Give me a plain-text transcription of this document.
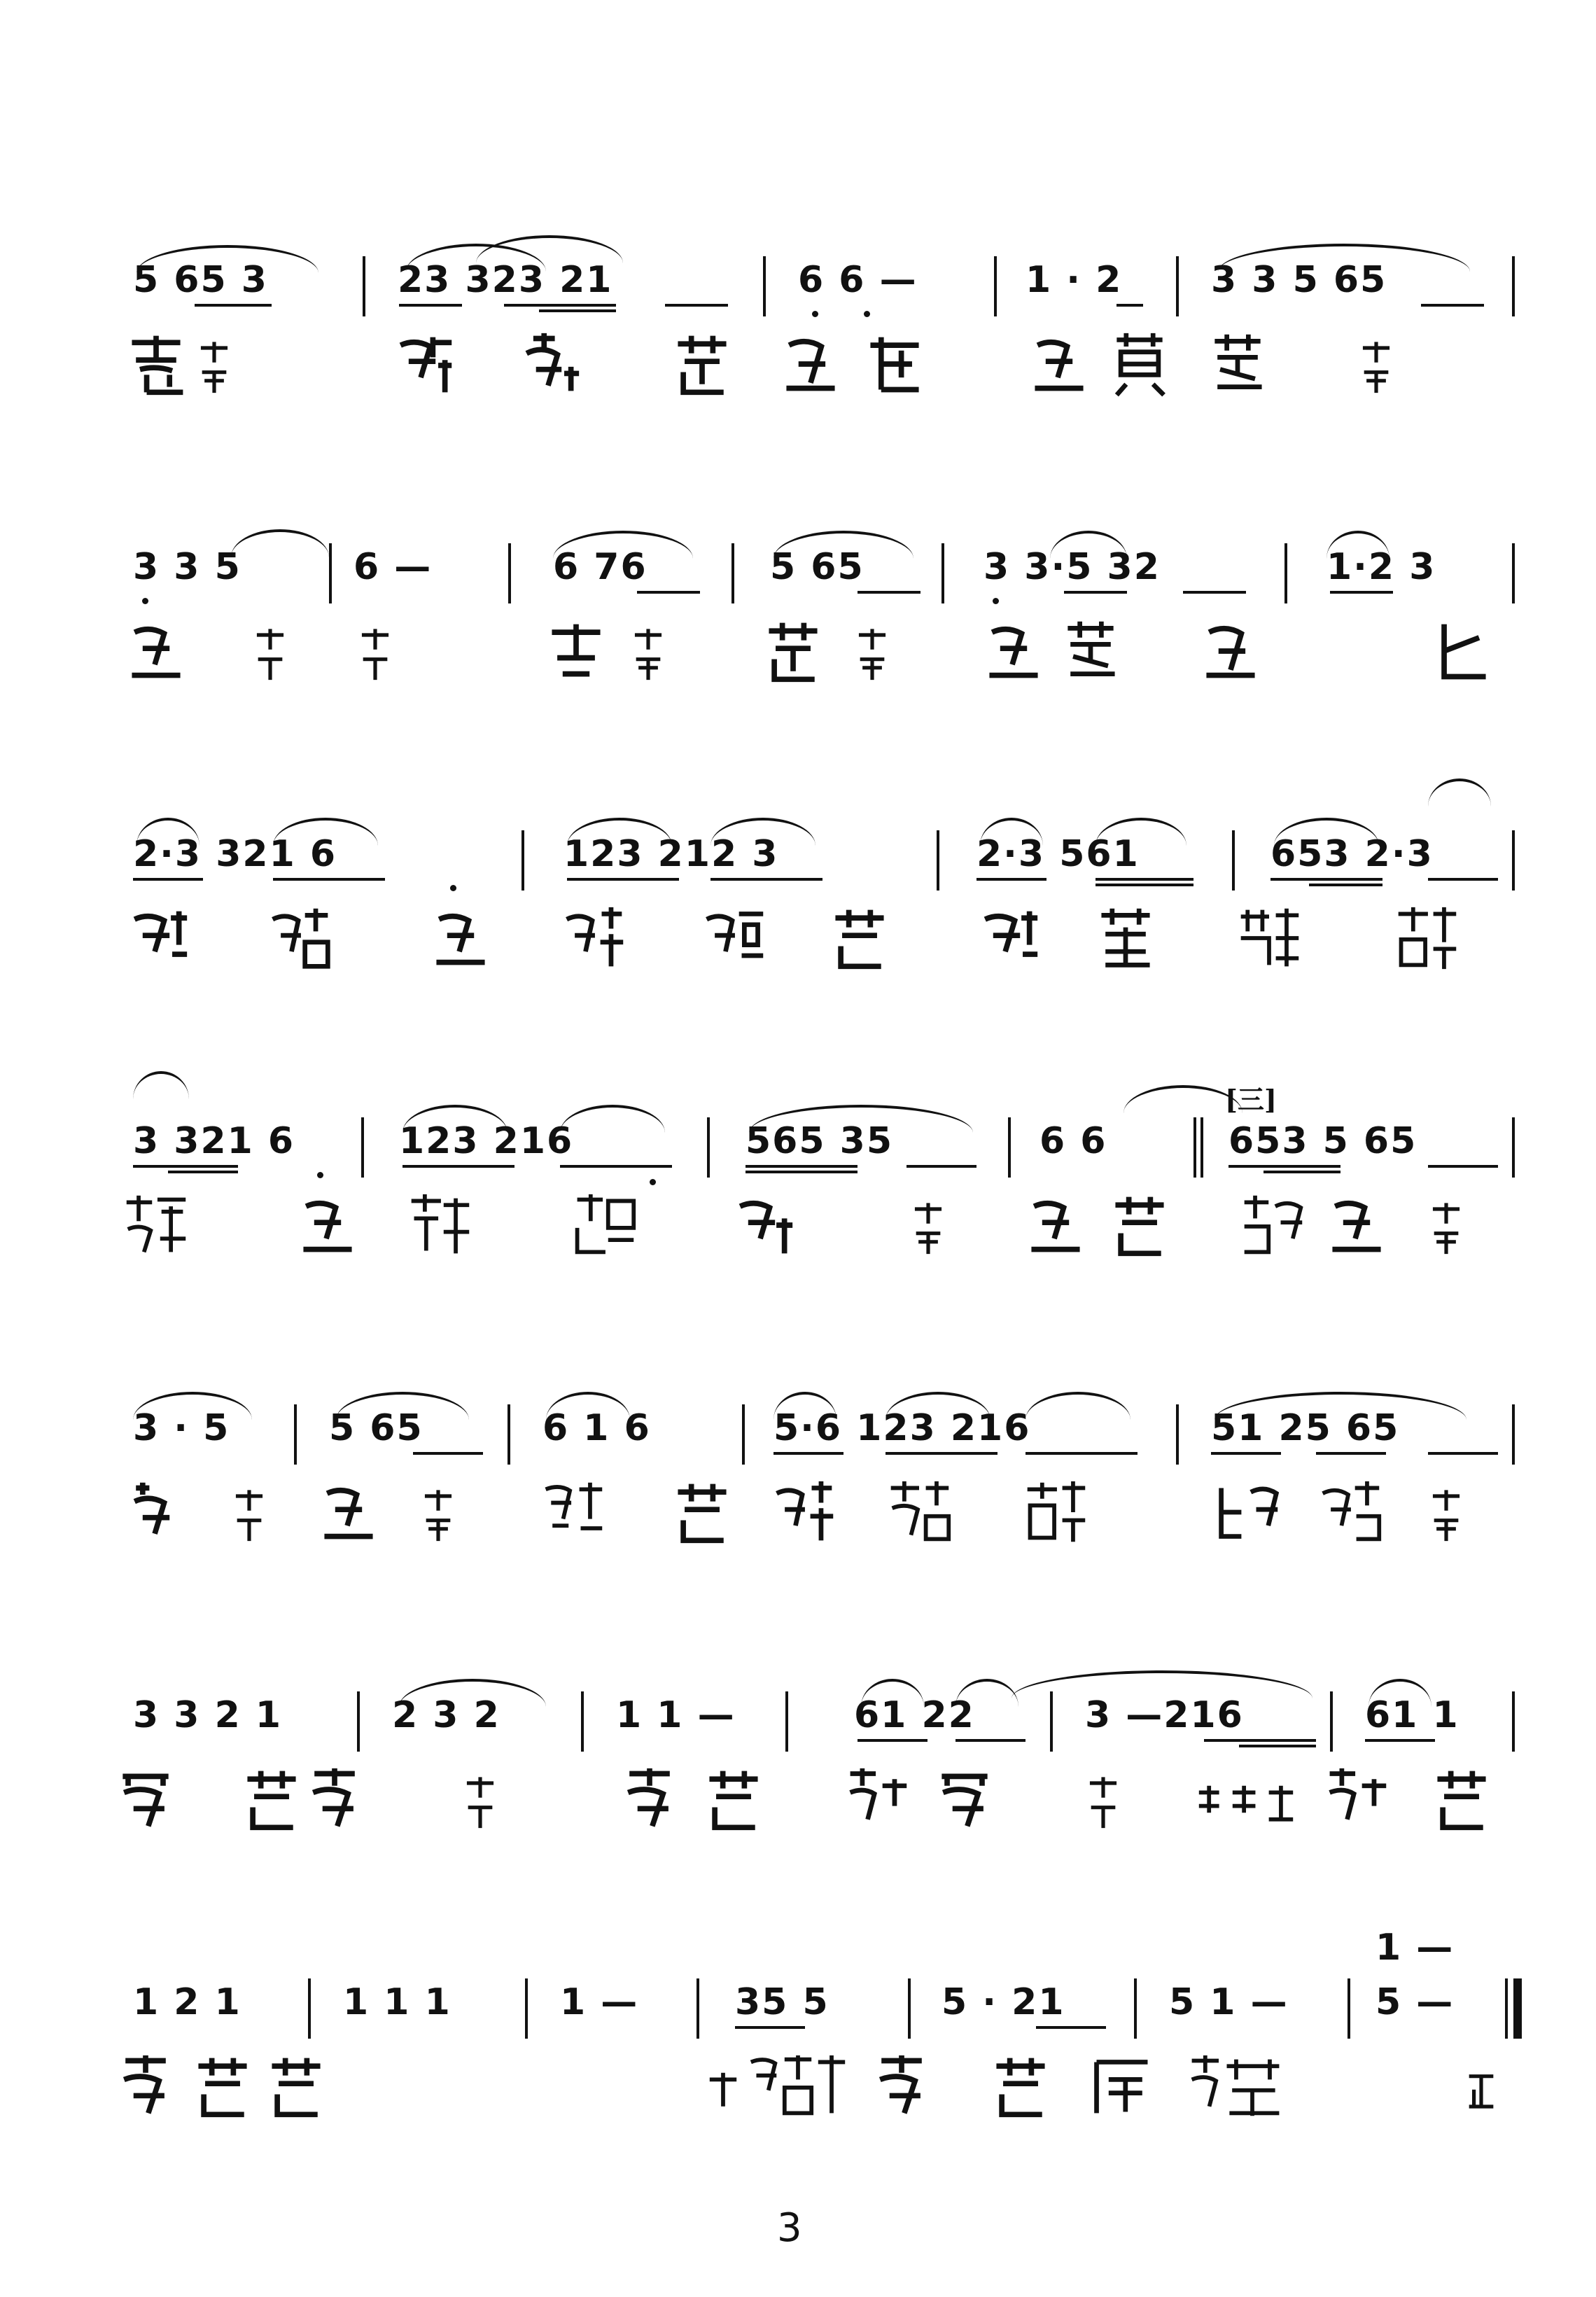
5 65 3	23 323 21	6 6 —	1 · 2 3 3 5 65
3 3 5	6 —	6 76	5 65	3 3·5 32	1·2 3
2·3 321 6	123 212 3	2·3 561	653 2·3
[三]
3 321 6	123 216	565 35	6 6	653 5 65
3 · 5	5 65	6 1 6	5·6 123 216	51 25 65
3 3 2 1	2 3 2	1 1 —	61 22	3 —216	61 1
1 2 1	1 1 1	1 —	35 5	5 · 21	5 1 —
1 —
5 —
3
